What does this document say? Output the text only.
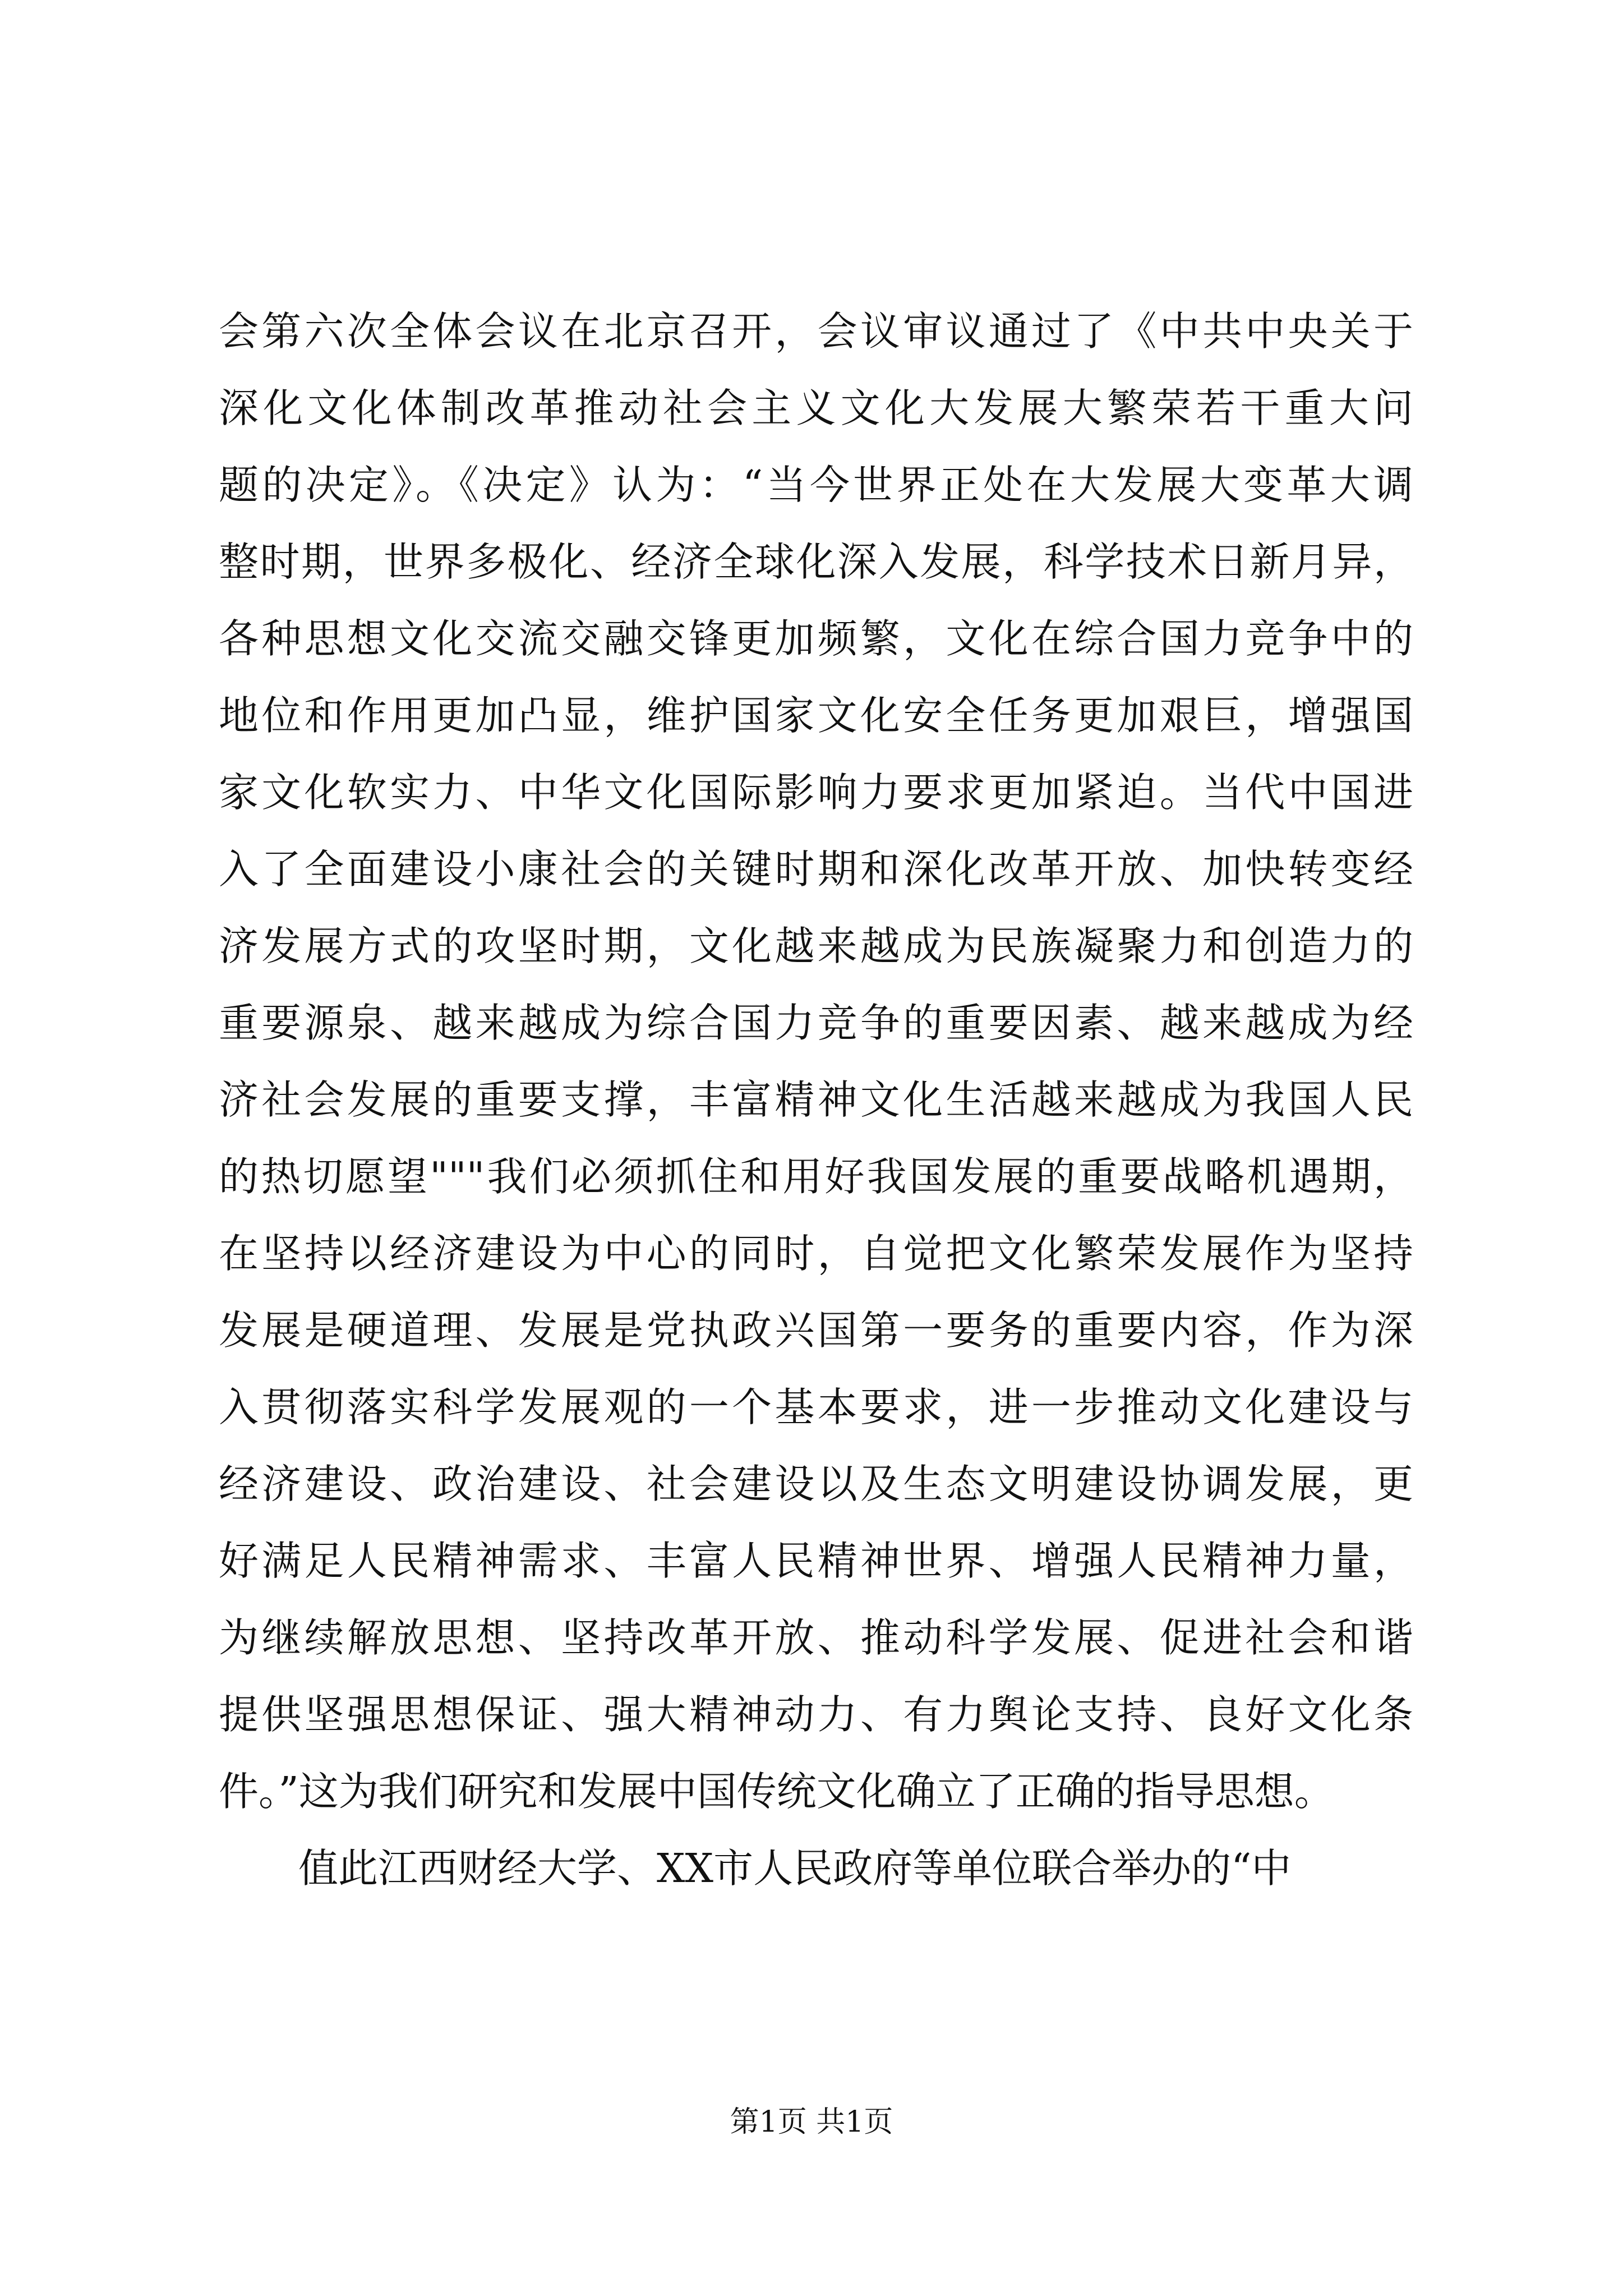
会第六次全体会议在北京召开，会议审议通过了《中共中央关于
深化文化体制改革推动社会主义文化大发展大繁荣若干重大问
题的决定》。《决定》认为：“当今世界正处在大发展大变革大调
整时期，世界多极化、经济全球化深入发展，科学技术日新月异，
各种思想文化交流交融交锋更加频繁，文化在综合国力竞争中的
地位和作用更加凸显，维护国家文化安全任务更加艰巨，增强国
家文化软实力、中华文化国际影响力要求更加紧迫。当代中国进
入了全面建设小康社会的关键时期和深化改革开放、加快转变经
济发展方式的攻坚时期，文化越来越成为民族凝聚力和创造力的
重要源泉、越来越成为综合国力竞争的重要因素、越来越成为经
济社会发展的重要支撑，丰富精神文化生活越来越成为我国人民
的热切愿望"""我们必须抓住和用好我国发展的重要战略机遇期，
在坚持以经济建设为中心的同时，自觉把文化繁荣发展作为坚持
发展是硬道理、发展是党执政兴国第一要务的重要内容，作为深
入贯彻落实科学发展观的一个基本要求，进一步推动文化建设与
经济建设、政治建设、社会建设以及生态文明建设协调发展，更
好满足人民精神需求、丰富人民精神世界、增强人民精神力量，
为继续解放思想、坚持改革开放、推动科学发展、促进社会和谐
提供坚强思想保证、强大精神动力、有力舆论支持、良好文化条
件。”这为我们研究和发展中国传统文化确立了正确的指导思想。

值此江西财经大学、XX市人民政府等单位联合举办的“中

第1页 共1页
